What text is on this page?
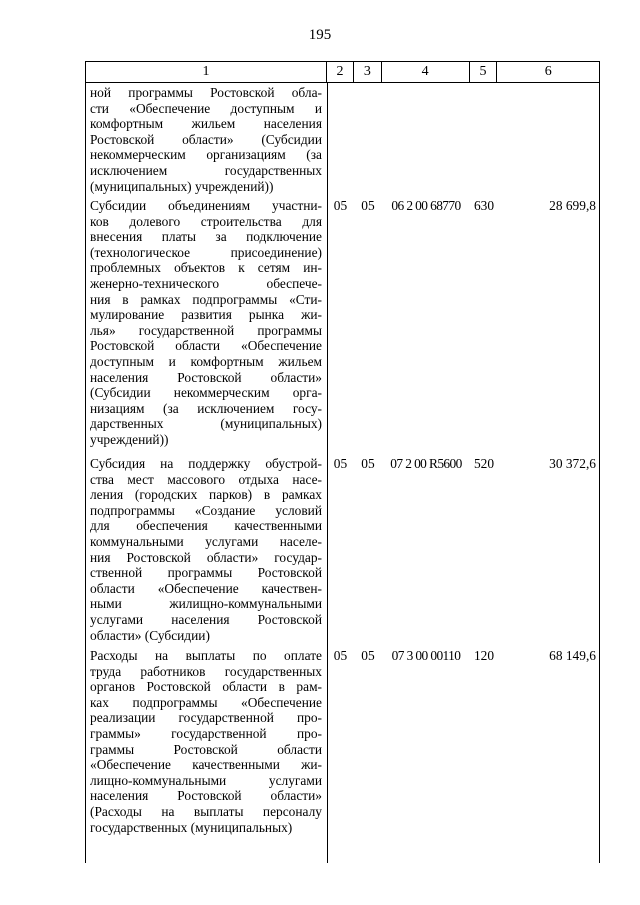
195
1	2	3	4	5	6
ной программы Ростовской обла-
сти «Обеспечение доступным и
комфортным жильем населения
Ростовской области» (Субсидии
некоммерческим организациям (за
исключением государственных
(муниципальных) учреждений))
Субсидии объединениям участни-
ков долевого строительства для
внесения платы за подключение
(технологическое присоединение)
проблемных объектов к сетям ин-
женерно-технического обеспече-
ния в рамках подпрограммы «Сти-
мулирование развития рынка жи-
лья» государственной программы
Ростовской области «Обеспечение
доступным и комфортным жильем
населения Ростовской области»
(Субсидии некоммерческим орга-
низациям (за исключением госу-
дарственных (муниципальных)
учреждений))
05	05	06 2 00 68770 630	28 699,8
Субсидия на поддержку обустрой-
ства мест массового отдыха насе-
ления (городских парков) в рамках
подпрограммы «Создание условий
для обеспечения качественными
коммунальными услугами населе-
ния Ростовской области» государ-
ственной программы Ростовской
области «Обеспечение качествен-
ными жилищно-коммунальными
услугами населения Ростовской
области» (Субсидии)
05	05	07 2 00 R5600 520	30 372,6
Расходы на выплаты по оплате
труда работников государственных
органов Ростовской области в рам-
ках подпрограммы «Обеспечение
реализации государственной про-
граммы» государственной про-
граммы Ростовской области
«Обеспечение качественными жи-
лищно-коммунальными услугами
населения Ростовской области»
(Расходы на выплаты персоналу
государственных (муниципальных)
05	05	07 3 00 00110	120	68 149,6
